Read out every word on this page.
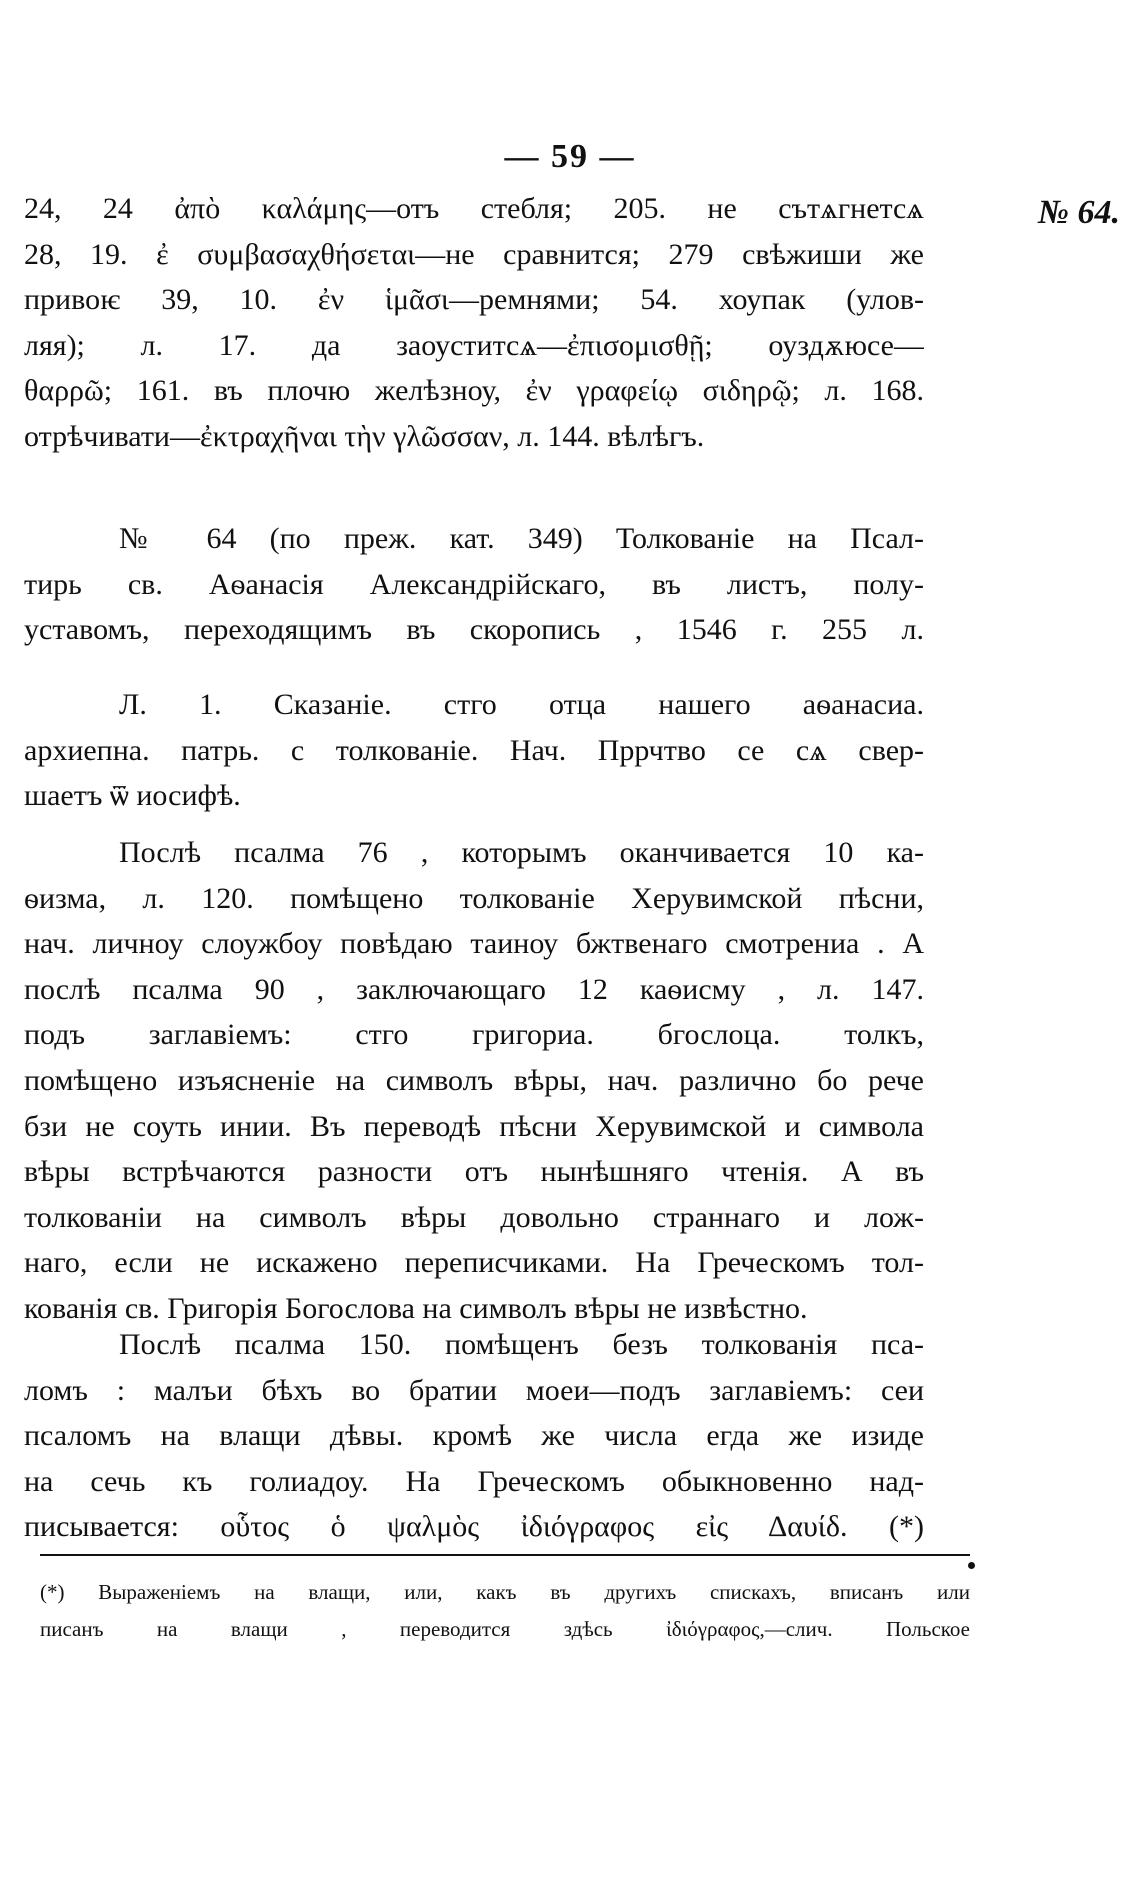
— 59 —
№ 64.
24, 24 ἀπὸ καλάμης—отъ стебля; 205. не сътѧгнетсѧ
28, 19. ἐ συμβασαχθήσεται—не сравнится; 279 свѣжиши же
привоѥ 39, 10. ἐν ἱμᾶσι—ремнями; 54. хоупак (улов-
ляя); л. 17. да заоуститсѧ—ἐπισομισθῇ; оуздѫюсе—
θαρρῶ; 161. въ плочю желѣзноу, ἐν γραφείῳ σιδηρῷ; л. 168.
отрѣчивати—ἐκτραχῆναι τὴν γλῶσσαν, л. 144. вѣлѣгъ.
№ 64 (по преж. кат. 349) Толкованіе на Псал-
тирь св. Аѳанасія Александрійскаго, въ листъ, полу-
уставомъ, переходящимъ въ скоропись , 1546 г. 255 л.
Л. 1. Сказаніе. стго отца нашего аѳанасиа.
архиепна. патрь. с толкованіе. Нач. Пррчтво се сѧ свер-
шаетъ ѿ иосифѣ.
Послѣ псалма 76 , которымъ оканчивается 10 ка-
ѳизма, л. 120. помѣщено толкованіе Херувимской пѣсни,
нач. личноу слоужбоу повѣдаю таиноу бжтвенаго смотрениа . А
послѣ псалма 90 , заключающаго 12 каѳисму , л. 147.
подъ заглавіемъ: стго григориа. бгослоца. толкъ,
помѣщено изъясненіе на символъ вѣры, нач. различно бо рече
бзи не соуть инии. Въ переводѣ пѣсни Херувимской и символа
вѣры встрѣчаются разности отъ нынѣшняго чтенія. А въ
толкованіи на символъ вѣры довольно страннаго и лож-
наго, если не искажено переписчиками. На Греческомъ тол-
кованія св. Григорія Богослова на символъ вѣры не извѣстно.
Послѣ псалма 150. помѣщенъ безъ толкованія пса-
ломъ : малъи бѣхъ во братии моеи—подъ заглавіемъ: сеи
псаломъ на влащи дѣвы. кромѣ же числа егда же изиде
на сечь къ голиадоу. На Греческомъ обыкновенно над-
писывается: οὗτος ὁ ψαλμὸς ἰδιόγραφος εἰς Δαυίδ. (*)
(*) Выраженіемъ на влащи, или, какъ въ другихъ спискахъ, вписанъ или
писанъ на влащи , переводится здѣсь ἰδιόγραφος,—слич. Польское
